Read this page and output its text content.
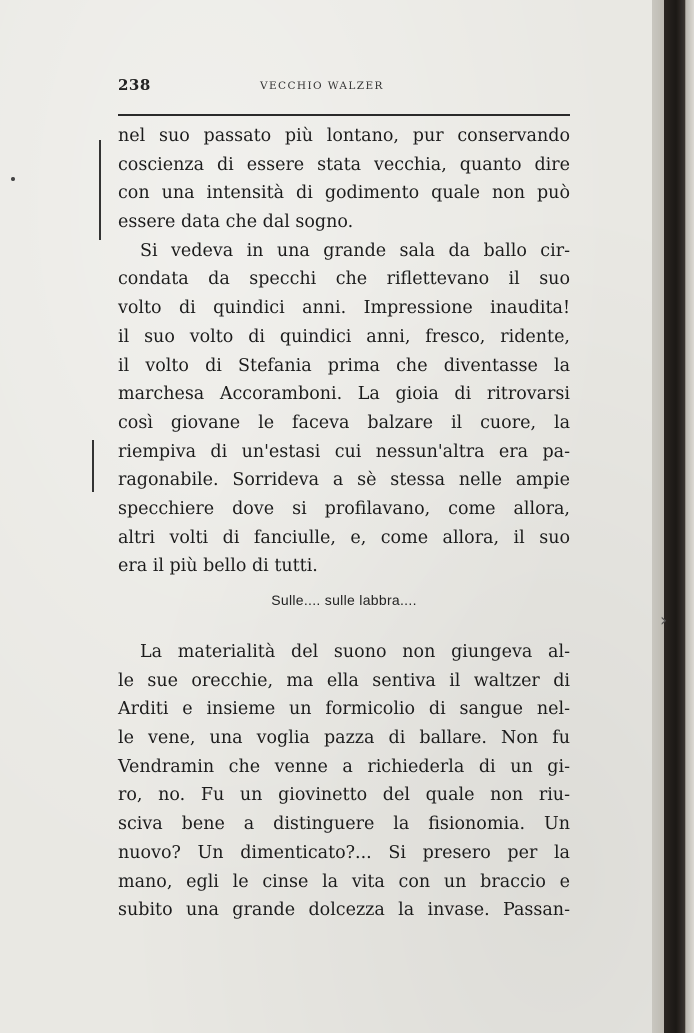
238	VECCHIO WALZER
nel suo passato più lontano, pur conservando
coscienza di essere stata vecchia, quanto dire
con una intensità di godimento quale non può
essere data che dal sogno.
Si vedeva in una grande sala da ballo cir-
condata da specchi che riflettevano il suo
volto di quindici anni. Impressione inaudita!
il suo volto di quindici anni, fresco, ridente,
il volto di Stefania prima che diventasse la
marchesa Accoramboni. La gioia di ritrovarsi
così giovane le faceva balzare il cuore, la
riempiva di un'estasi cui nessun'altra era pa-
ragonabile. Sorrideva a sè stessa nelle ampie
specchiere dove si profilavano, come allora,
altri volti di fanciulle, e, come allora, il suo
era il più bello di tutti.
Sulle.... sulle labbra....
›
La materialità del suono non giungeva al-
le sue orecchie, ma ella sentiva il waltzer di
Arditi e insieme un formicolio di sangue nel-
le vene, una voglia pazza di ballare. Non fu
Vendramin che venne a richiederla di un gi-
ro, no. Fu un giovinetto del quale non riu-
sciva bene a distinguere la fisionomia. Un
nuovo? Un dimenticato?... Si presero per la
mano, egli le cinse la vita con un braccio e
subito una grande dolcezza la invase. Passan-
